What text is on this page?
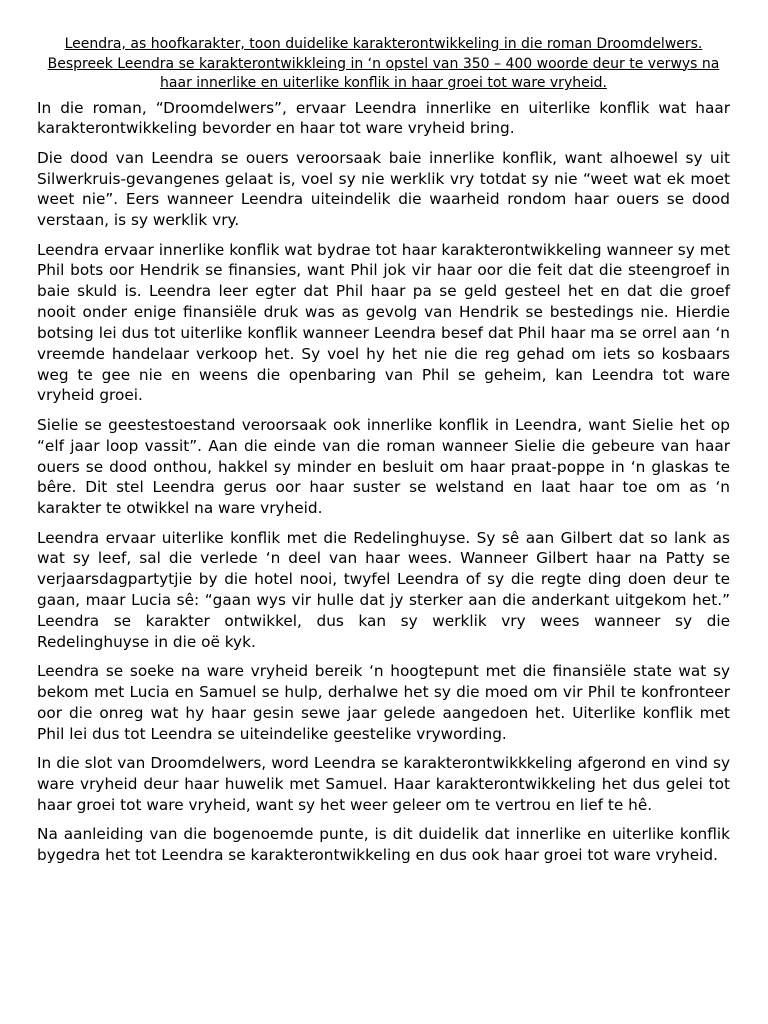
Leendra, as hoofkarakter, toon duidelike karakterontwikkeling in die roman Droomdelwers.
Bespreek Leendra se karakterontwikkleing in ‘n opstel van 350 – 400 woorde deur te verwys na
haar innerlike en uiterlike konflik in haar groei tot ware vryheid.

In die roman, “Droomdelwers”, ervaar Leendra innerlike en uiterlike konflik wat haar karakterontwikkeling bevorder en haar tot ware vryheid bring.

Die dood van Leendra se ouers veroorsaak baie innerlike konflik, want alhoewel sy uit Silwerkruis-gevangenes gelaat is, voel sy nie werklik vry totdat sy nie “weet wat ek moet weet nie”. Eers wanneer Leendra uiteindelik die waarheid rondom haar ouers se dood verstaan, is sy werklik vry.

Leendra ervaar innerlike konflik wat bydrae tot haar karakterontwikkeling wanneer sy met Phil bots oor Hendrik se finansies, want Phil jok vir haar oor die feit dat die steengroef in baie skuld is. Leendra leer egter dat Phil haar pa se geld gesteel het en dat die groef nooit onder enige finansiële druk was as gevolg van Hendrik se bestedings nie. Hierdie botsing lei dus tot uiterlike konflik wanneer Leendra besef dat Phil haar ma se orrel aan ‘n vreemde handelaar verkoop het. Sy voel hy het nie die reg gehad om iets so kosbaars weg te gee nie en weens die openbaring van Phil se geheim, kan Leendra tot ware vryheid groei.

Sielie se geestestoestand veroorsaak ook innerlike konflik in Leendra, want Sielie het op “elf jaar loop vassit”. Aan die einde van die roman wanneer Sielie die gebeure van haar ouers se dood onthou, hakkel sy minder en besluit om haar praat-poppe in ‘n glaskas te bêre. Dit stel Leendra gerus oor haar suster se welstand en laat haar toe om as ‘n karakter te otwikkel na ware vryheid.

Leendra ervaar uiterlike konflik met die Redelinghuyse. Sy sê aan Gilbert dat so lank as wat sy leef, sal die verlede ‘n deel van haar wees. Wanneer Gilbert haar na Patty se verjaarsdagpartytjie by die hotel nooi, twyfel Leendra of sy die regte ding doen deur te gaan, maar Lucia sê: “gaan wys vir hulle dat jy sterker aan die anderkant uitgekom het.” Leendra se karakter ontwikkel, dus kan sy werklik vry wees wanneer sy die Redelinghuyse in die oë kyk.

Leendra se soeke na ware vryheid bereik ‘n hoogtepunt met die finansiële state wat sy bekom met Lucia en Samuel se hulp, derhalwe het sy die moed om vir Phil te konfronteer oor die onreg wat hy haar gesin sewe jaar gelede aangedoen het. Uiterlike konflik met Phil lei dus tot Leendra se uiteindelike geestelike vrywording.

In die slot van Droomdelwers, word Leendra se karakterontwikkkeling afgerond en vind sy ware vryheid deur haar huwelik met Samuel. Haar karakterontwikkeling het dus gelei tot haar groei tot ware vryheid, want sy het weer geleer om te vertrou en lief te hê.

Na aanleiding van die bogenoemde punte, is dit duidelik dat innerlike en uiterlike konflik bygedra het tot Leendra se karakterontwikkeling en dus ook haar groei tot ware vryheid.
